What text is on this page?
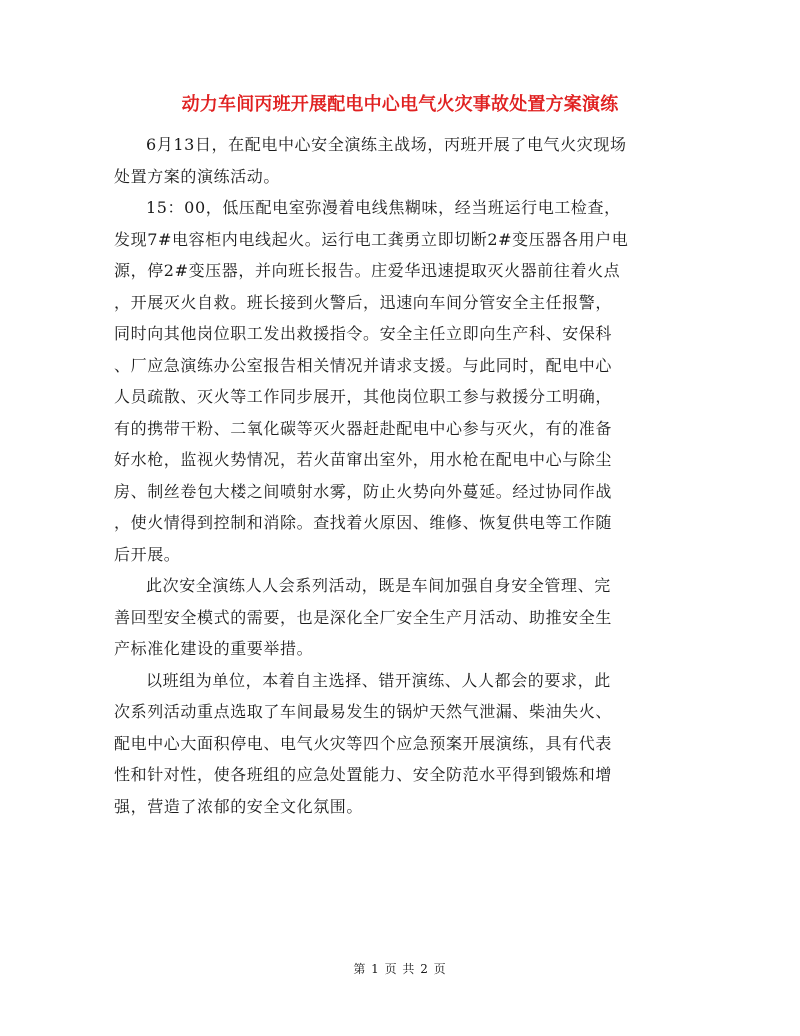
动力车间丙班开展配电中心电气火灾事故处置方案演练
6月13日，在配电中心安全演练主战场，丙班开展了电气火灾现场
处置方案的演练活动。
15：00，低压配电室弥漫着电线焦糊味，经当班运行电工检查，
发现7#电容柜内电线起火。运行电工龚勇立即切断2#变压器各用户电
源，停2#变压器，并向班长报告。庄爱华迅速提取灭火器前往着火点
，开展灭火自救。班长接到火警后，迅速向车间分管安全主任报警，
同时向其他岗位职工发出救援指令。安全主任立即向生产科、安保科
、厂应急演练办公室报告相关情况并请求支援。与此同时，配电中心
人员疏散、灭火等工作同步展开，其他岗位职工参与救援分工明确，
有的携带干粉、二氧化碳等灭火器赶赴配电中心参与灭火，有的准备
好水枪，监视火势情况，若火苗窜出室外，用水枪在配电中心与除尘
房、制丝卷包大楼之间喷射水雾，防止火势向外蔓延。经过协同作战
，使火情得到控制和消除。查找着火原因、维修、恢复供电等工作随
后开展。
此次安全演练人人会系列活动，既是车间加强自身安全管理、完
善回型安全模式的需要，也是深化全厂安全生产月活动、助推安全生
产标准化建设的重要举措。
以班组为单位，本着自主选择、错开演练、人人都会的要求，此
次系列活动重点选取了车间最易发生的锅炉天然气泄漏、柴油失火、
配电中心大面积停电、电气火灾等四个应急预案开展演练，具有代表
性和针对性，使各班组的应急处置能力、安全防范水平得到锻炼和增
强，营造了浓郁的安全文化氛围。
第 1 页 共 2 页
